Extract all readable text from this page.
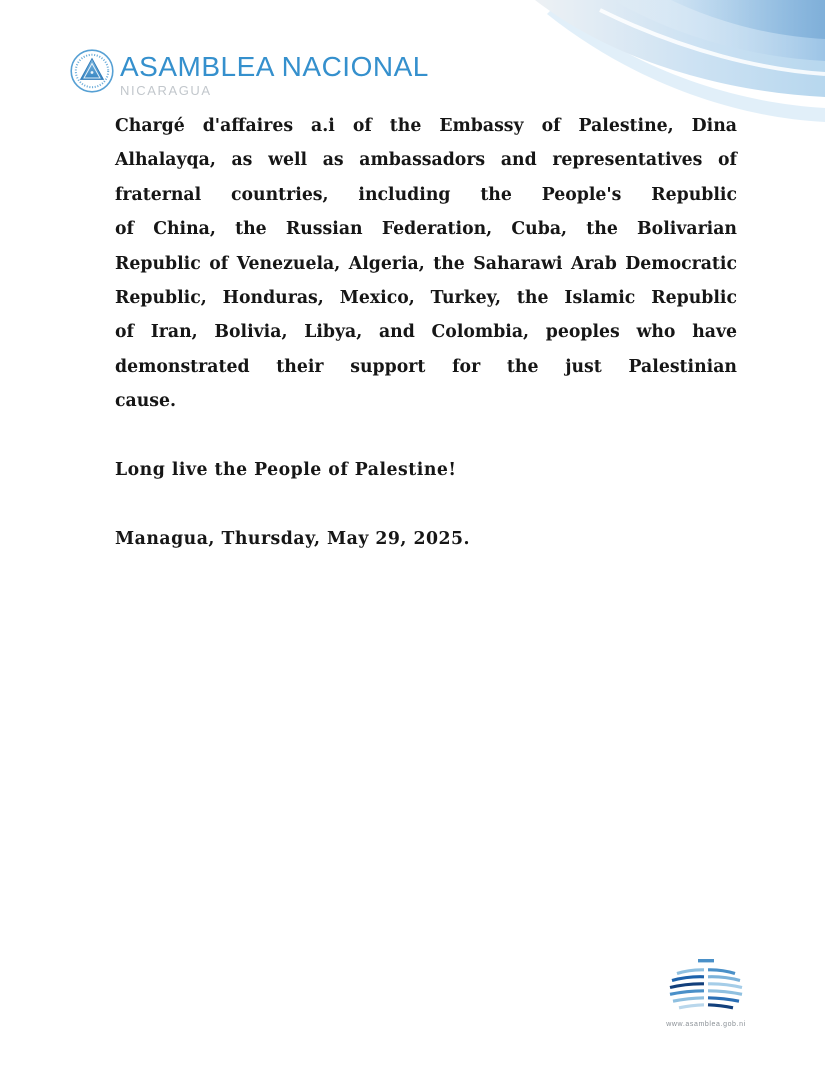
ASAMBLEA NACIONAL
NICARAGUA
Chargé d'affaires a.i of the Embassy of Palestine, Dina
Alhalayqa, as well as ambassadors and representatives of
fraternal countries, including the People's Republic
of China, the Russian Federation, Cuba, the Bolivarian
Republic of Venezuela, Algeria, the Saharawi Arab Democratic
Republic, Honduras, Mexico, Turkey, the Islamic Republic
of Iran, Bolivia, Libya, and Colombia, peoples who have
demonstrated their support for the just Palestinian
cause.
Long live the People of Palestine!
Managua, Thursday, May 29, 2025.
www.asamblea.gob.ni
